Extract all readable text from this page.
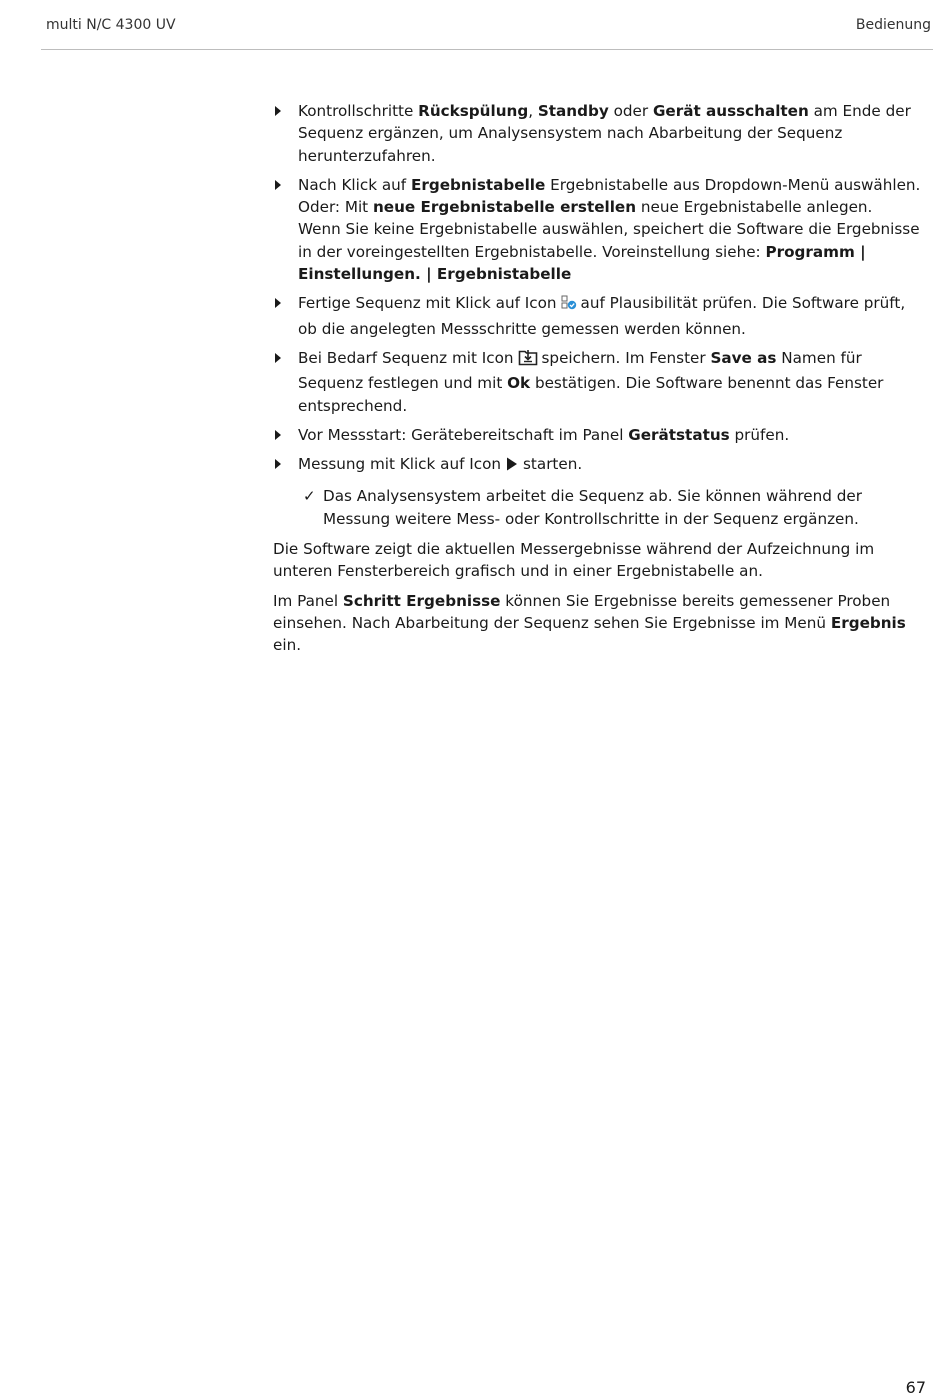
multi N/C 4300 UV	Bedienung
Kontrollschritte Rückspülung, Standby oder Gerät ausschalten am Ende der Sequenz ergänzen, um Analysensystem nach Abarbeitung der Sequenz herunterzufahren.
Nach Klick auf Ergebnistabelle Ergebnistabelle aus Dropdown-Menü auswählen.
Oder: Mit neue Ergebnistabelle erstellen neue Ergebnistabelle anlegen.
Wenn Sie keine Ergebnistabelle auswählen, speichert die Software die Ergebnisse in der voreingestellten Ergebnistabelle. Voreinstellung siehe: Programm | Einstellungen. | Ergebnistabelle
Fertige Sequenz mit Klick auf Icon auf Plausibilität prüfen. Die Software prüft, ob die angelegten Messschritte gemessen werden können.
Bei Bedarf Sequenz mit Icon speichern. Im Fenster Save as Namen für Sequenz festlegen und mit Ok bestätigen. Die Software benennt das Fenster entsprechend.
Vor Messstart: Gerätebereitschaft im Panel Gerätstatus prüfen.
Messung mit Klick auf Icon starten.
✓ Das Analysensystem arbeitet die Sequenz ab. Sie können während der Messung weitere Mess- oder Kontrollschritte in der Sequenz ergänzen.

Die Software zeigt die aktuellen Messergebnisse während der Aufzeichnung im unteren Fensterbereich grafisch und in einer Ergebnistabelle an.

Im Panel Schritt Ergebnisse können Sie Ergebnisse bereits gemessener Proben einsehen. Nach Abarbeitung der Sequenz sehen Sie Ergebnisse im Menü Ergebnis ein.

67
